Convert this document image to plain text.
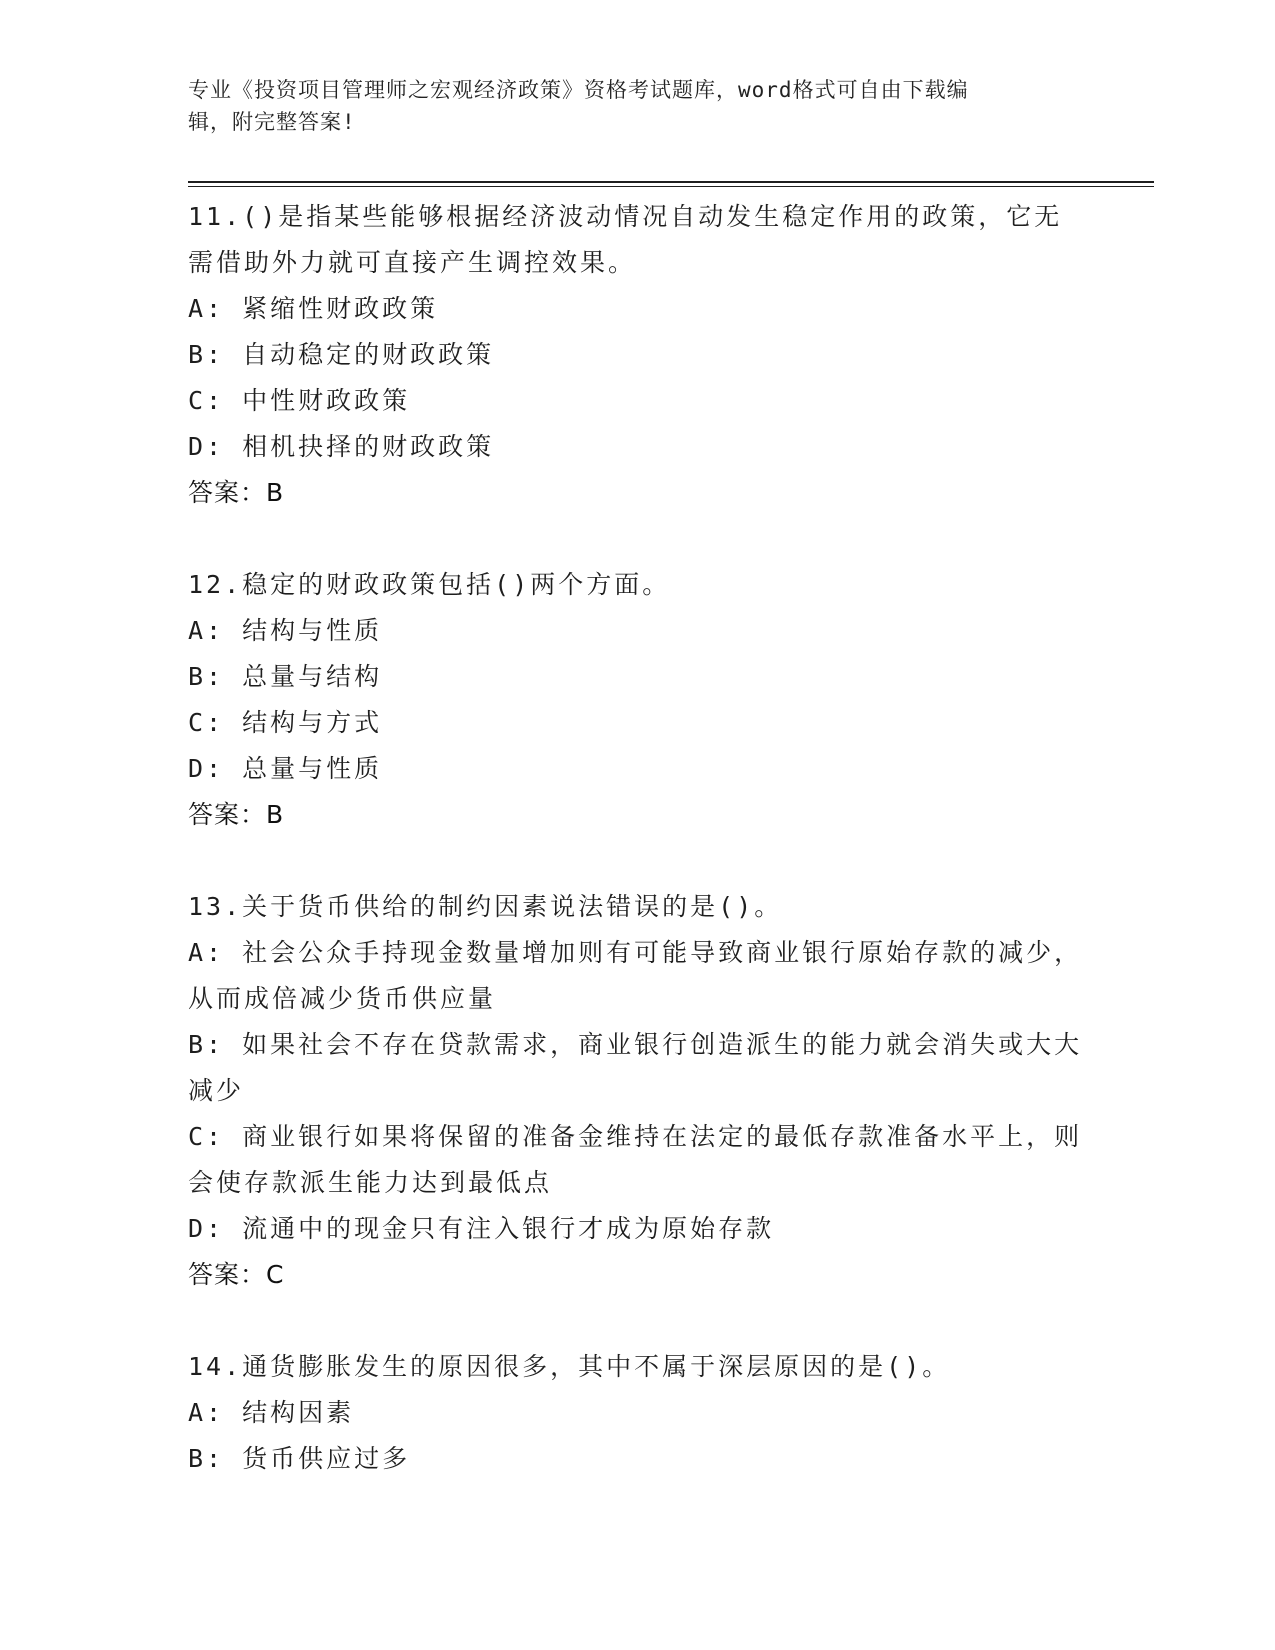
专业《投资项目管理师之宏观经济政策》资格考试题库，word格式可自由下载编
辑，附完整答案!
11.()是指某些能够根据经济波动情况自动发生稳定作用的政策，它无需借助外力就可直接产生调控效果。
A: 紧缩性财政政策
B: 自动稳定的财政政策
C: 中性财政政策
D: 相机抉择的财政政策
答案：B
12.稳定的财政政策包括()两个方面。
A: 结构与性质
B: 总量与结构
C: 结构与方式
D: 总量与性质
答案：B
13.关于货币供给的制约因素说法错误的是()。
A: 社会公众手持现金数量增加则有可能导致商业银行原始存款的减少，从而成倍减少货币供应量
B: 如果社会不存在贷款需求，商业银行创造派生的能力就会消失或大大减少
C: 商业银行如果将保留的准备金维持在法定的最低存款准备水平上，则会使存款派生能力达到最低点
D: 流通中的现金只有注入银行才成为原始存款
答案：C
14.通货膨胀发生的原因很多，其中不属于深层原因的是()。
A: 结构因素
B: 货币供应过多
